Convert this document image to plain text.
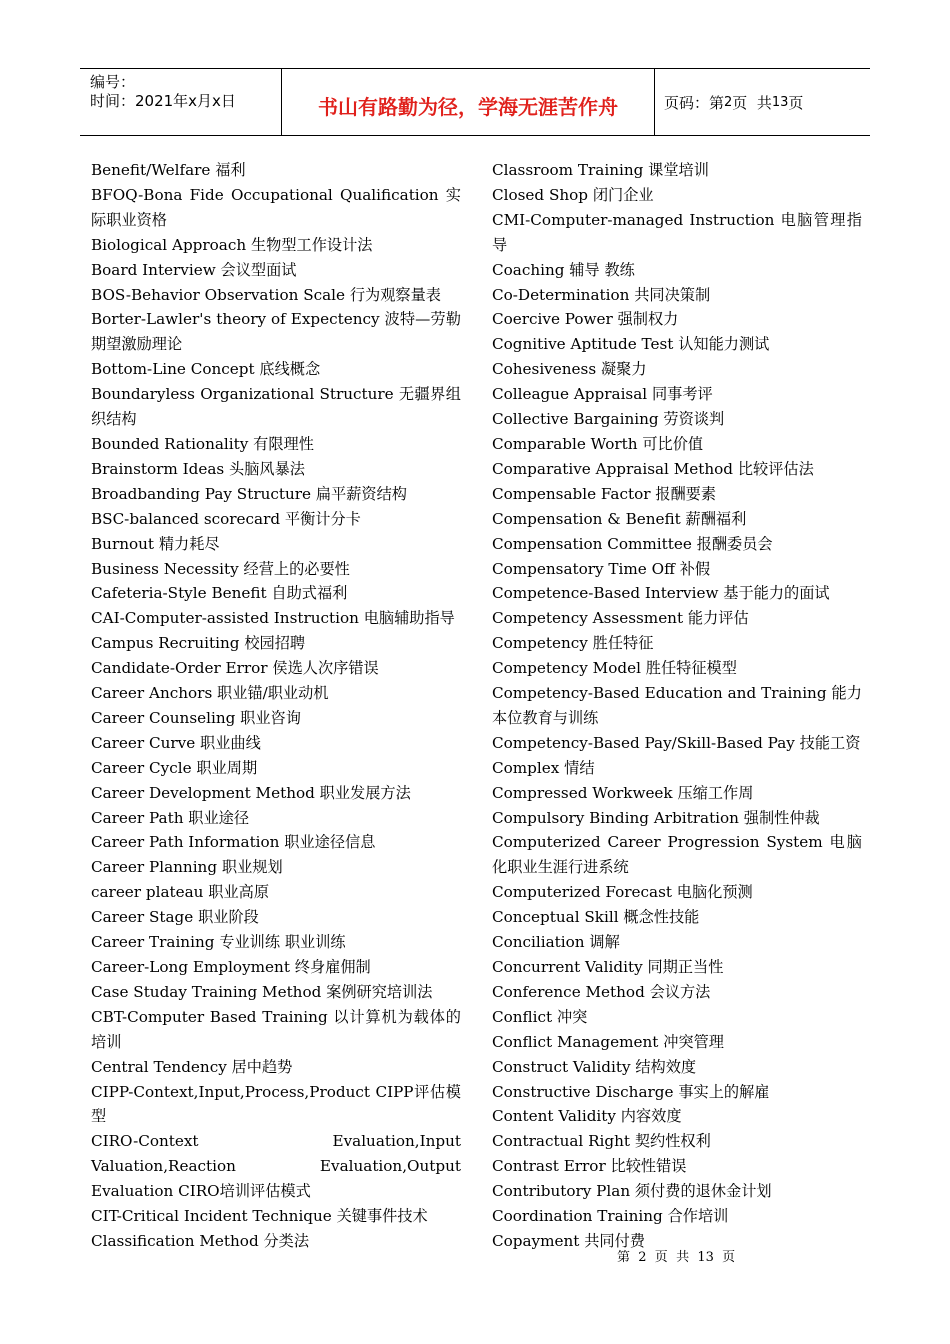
编号：
时间：2021年x月x日	书山有路勤为径，学海无涯苦作舟	页码：第 2 页  共 13 页
Benefit/Welfare 福利
BFOQ-Bona Fide Occupational Qualification 实际职业资格
Biological Approach 生物型工作设计法
Board Interview 会议型面试
BOS-Behavior Observation Scale 行为观察量表
Borter-Lawler's theory of Expectency 波特—劳勒期望激励理论
Bottom-Line Concept 底线概念
Boundaryless Organizational Structure 无疆界组织结构
Bounded Rationality 有限理性
Brainstorm Ideas 头脑风暴法
Broadbanding Pay Structure 扁平薪资结构
BSC-balanced scorecard 平衡计分卡
Burnout 精力耗尽
Business Necessity 经营上的必要性
Cafeteria-Style Benefit 自助式福利
CAI-Computer-assisted Instruction 电脑辅助指导
Campus Recruiting 校园招聘
Candidate-Order Error 侯选人次序错误
Career Anchors 职业锚/职业动机
Career Counseling 职业咨询
Career Curve 职业曲线
Career Cycle 职业周期
Career Development Method 职业发展方法
Career Path 职业途径
Career Path Information 职业途径信息
Career Planning 职业规划
career plateau 职业高原
Career Stage 职业阶段
Career Training 专业训练 职业训练
Career-Long Employment 终身雇佣制
Case Studay Training Method 案例研究培训法
CBT-Computer Based Training 以计算机为载体的培训
Central Tendency 居中趋势
CIPP-Context,Input,Process,Product CIPP评估模型
CIRO-Context Evaluation,Input Valuation,Reaction Evaluation,Output Evaluation CIRO培训评估模式
CIT-Critical Incident Technique 关键事件技术
Classification Method 分类法
Classroom Training 课堂培训
Closed Shop 闭门企业
CMI-Computer-managed Instruction 电脑管理指导
Coaching 辅导 教练
Co-Determination 共同决策制
Coercive Power 强制权力
Cognitive Aptitude Test 认知能力测试
Cohesiveness 凝聚力
Colleague Appraisal 同事考评
Collective Bargaining 劳资谈判
Comparable Worth 可比价值
Comparative Appraisal Method 比较评估法
Compensable Factor 报酬要素
Compensation & Benefit 薪酬福利
Compensation Committee 报酬委员会
Compensatory Time Off 补假
Competence-Based Interview 基于能力的面试
Competency Assessment 能力评估
Competency 胜任特征
Competency Model 胜任特征模型
Competency-Based Education and Training 能力本位教育与训练
Competency-Based Pay/Skill-Based Pay 技能工资
Complex 情结
Compressed Workweek 压缩工作周
Compulsory Binding Arbitration 强制性仲裁
Computerized Career Progression System 电脑化职业生涯行进系统
Computerized Forecast 电脑化预测
Conceptual Skill 概念性技能
Conciliation 调解
Concurrent Validity 同期正当性
Conference Method 会议方法
Conflict 冲突
Conflict Management 冲突管理
Construct Validity 结构效度
Constructive Discharge 事实上的解雇
Content Validity 内容效度
Contractual Right 契约性权利
Contrast Error 比较性错误
Contributory Plan 须付费的退休金计划
Coordination Training 合作培训
Copayment 共同付费
第  2  页  共  13  页
